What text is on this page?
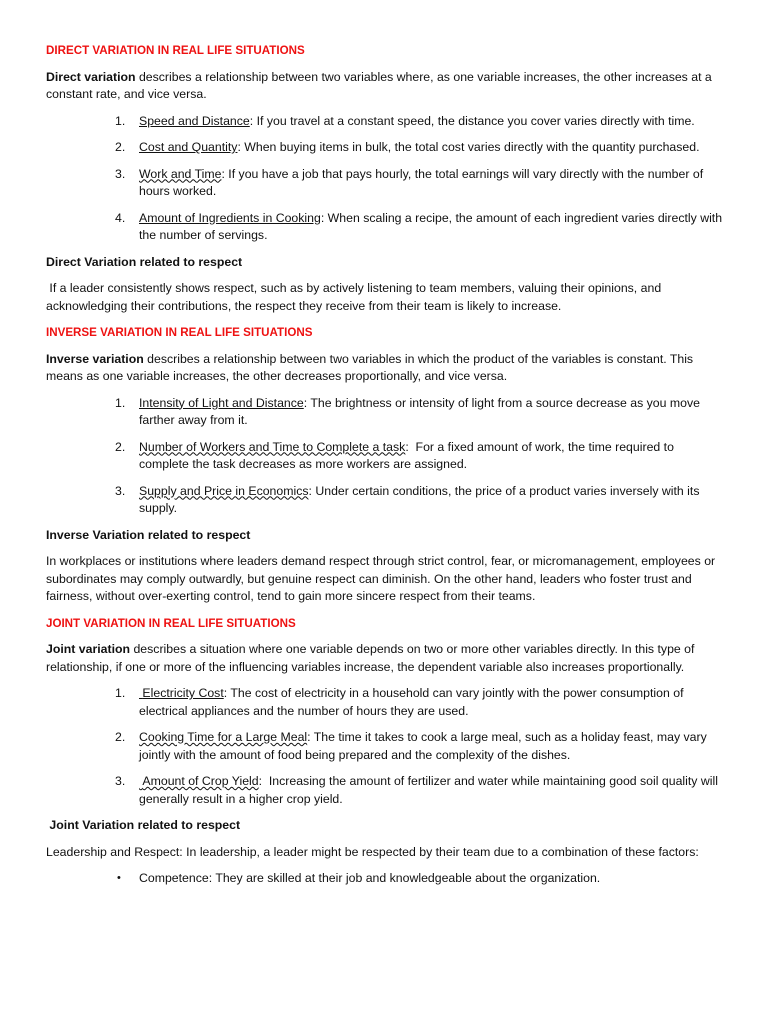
DIRECT VARIATION IN REAL LIFE SITUATIONS

Direct variation describes a relationship between two variables where, as one variable increases, the other increases at a constant rate, and vice versa.

1. Speed and Distance: If you travel at a constant speed, the distance you cover varies directly with time.
2. Cost and Quantity: When buying items in bulk, the total cost varies directly with the quantity purchased.
3. Work and Time: If you have a job that pays hourly, the total earnings will vary directly with the number of hours worked.
4. Amount of Ingredients in Cooking: When scaling a recipe, the amount of each ingredient varies directly with the number of servings.
Direct Variation related to respect

If a leader consistently shows respect, such as by actively listening to team members, valuing their opinions, and acknowledging their contributions, the respect they receive from their team is likely to increase.

INVERSE VARIATION IN REAL LIFE SITUATIONS

Inverse variation describes a relationship between two variables in which the product of the variables is constant. This means as one variable increases, the other decreases proportionally, and vice versa.

1. Intensity of Light and Distance: The brightness or intensity of light from a source decrease as you move farther away from it.
2. Number of Workers and Time to Complete a task:  For a fixed amount of work, the time required to complete the task decreases as more workers are assigned.
3. Supply and Price in Economics: Under certain conditions, the price of a product varies inversely with its supply.
Inverse Variation related to respect

In workplaces or institutions where leaders demand respect through strict control, fear, or micromanagement, employees or subordinates may comply outwardly, but genuine respect can diminish. On the other hand, leaders who foster trust and fairness, without over-exerting control, tend to gain more sincere respect from their teams.

JOINT VARIATION IN REAL LIFE SITUATIONS

Joint variation describes a situation where one variable depends on two or more other variables directly. In this type of relationship, if one or more of the influencing variables increase, the dependent variable also increases proportionally.

1. Electricity Cost: The cost of electricity in a household can vary jointly with the power consumption of electrical appliances and the number of hours they are used.
2. Cooking Time for a Large Meal: The time it takes to cook a large meal, such as a holiday feast, may vary jointly with the amount of food being prepared and the complexity of the dishes.
3. Amount of Crop Yield:  Increasing the amount of fertilizer and water while maintaining good soil quality will generally result in a higher crop yield.
Joint Variation related to respect

Leadership and Respect: In leadership, a leader might be respected by their team due to a combination of these factors:

• Competence: They are skilled at their job and knowledgeable about the organization.
